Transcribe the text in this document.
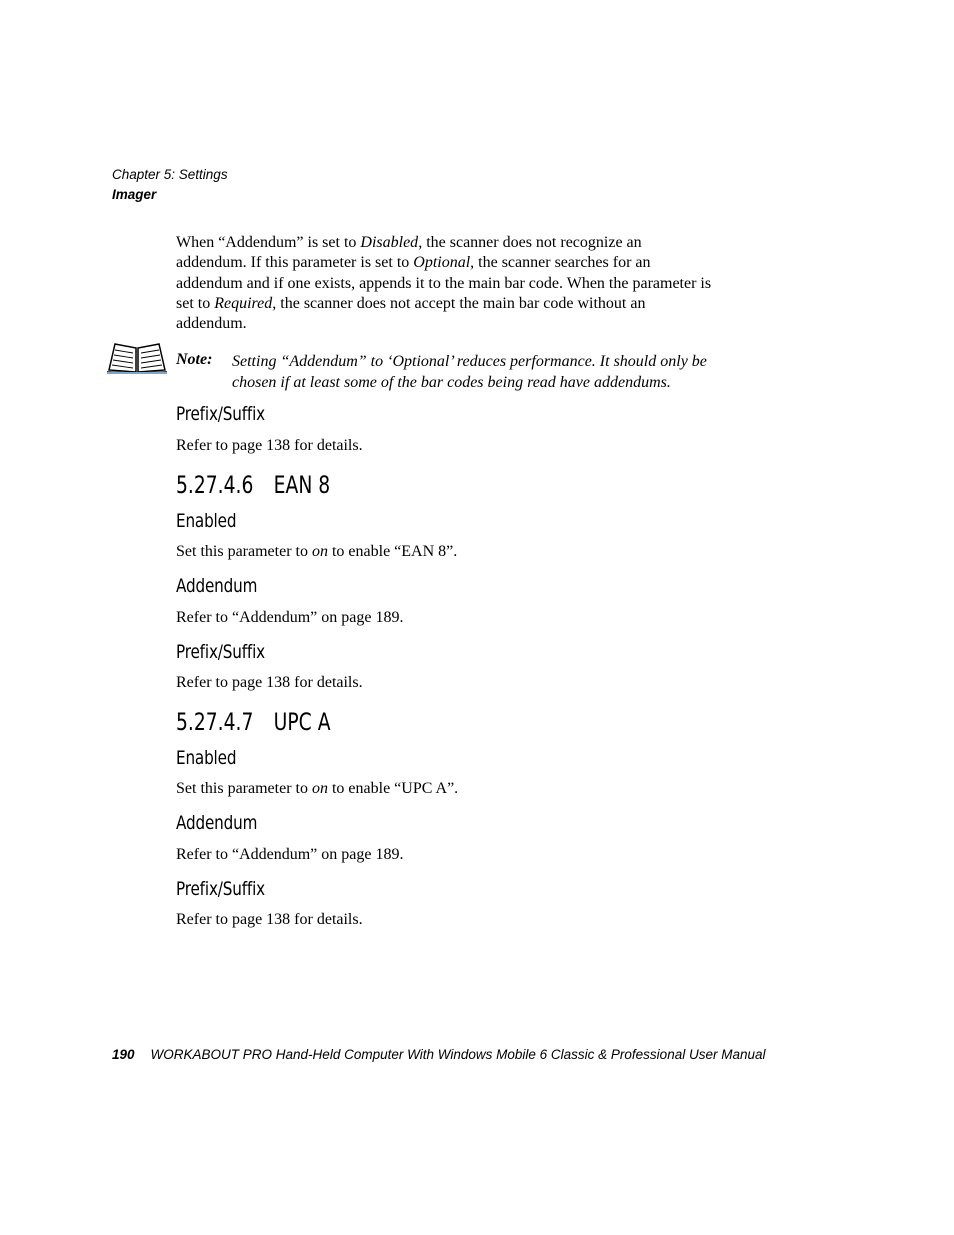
Chapter 5: Settings
Imager
When “Addendum” is set to Disabled, the scanner does not recognize an addendum. If this parameter is set to Optional, the scanner searches for an addendum and if one exists, appends it to the main bar code. When the parameter is set to Required, the scanner does not accept the main bar code without an addendum.
Note: Setting “Addendum” to ‘Optional’ reduces performance. It should only be chosen if at least some of the bar codes being read have addendums.
Prefix/Suffix
Refer to page 138 for details.
5.27.4.6 EAN 8
Enabled
Set this parameter to on to enable “EAN 8”.
Addendum
Refer to “Addendum” on page 189.
Prefix/Suffix
Refer to page 138 for details.
5.27.4.7 UPC A
Enabled
Set this parameter to on to enable “UPC A”.
Addendum
Refer to “Addendum” on page 189.
Prefix/Suffix
Refer to page 138 for details.
190 WORKABOUT PRO Hand-Held Computer With Windows Mobile 6 Classic & Professional User Manual
